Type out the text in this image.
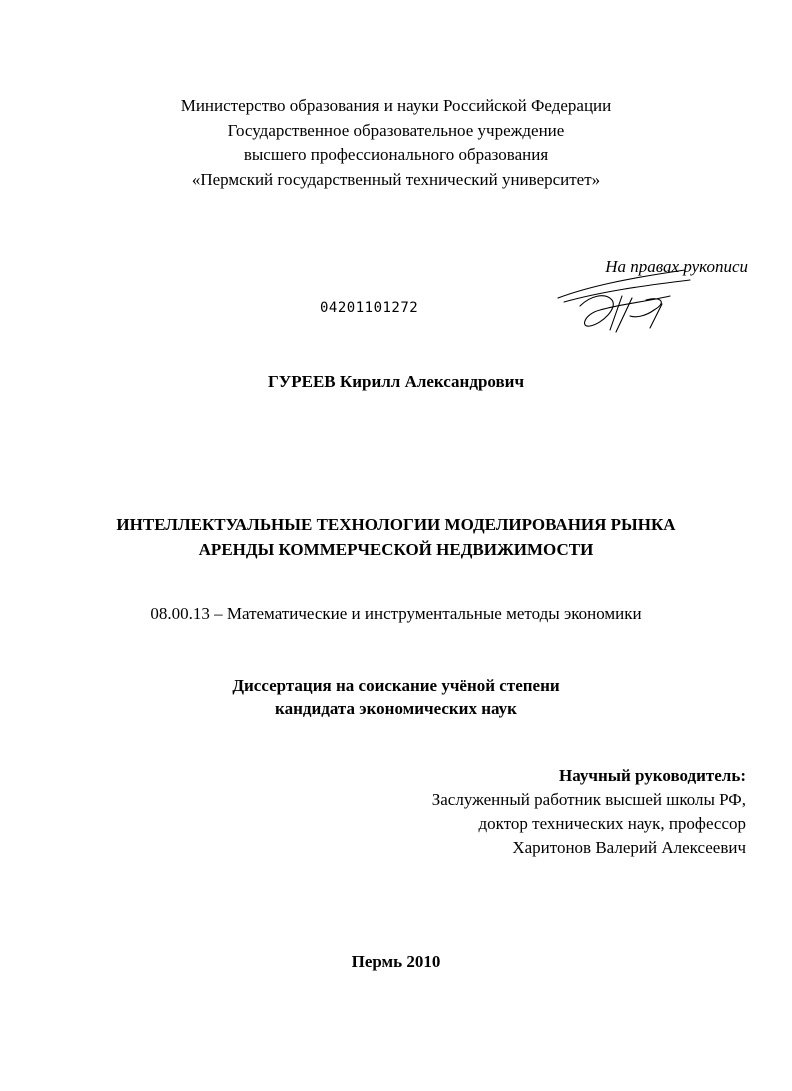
Министерство образования и науки Российской Федерации
Государственное образовательное учреждение
высшего профессионального образования
«Пермский государственный технический университет»
На правах рукописи
04201101272
ГУРЕЕВ Кирилл Александрович
ИНТЕЛЛЕКТУАЛЬНЫЕ ТЕХНОЛОГИИ МОДЕЛИРОВАНИЯ РЫНКА
АРЕНДЫ КОММЕРЧЕСКОЙ НЕДВИЖИМОСТИ
08.00.13 – Математические и инструментальные методы экономики
Диссертация на соискание учёной степени
кандидата экономических наук
Научный руководитель:
Заслуженный работник высшей школы РФ,
доктор технических наук, профессор
Харитонов Валерий Алексеевич
Пермь 2010
